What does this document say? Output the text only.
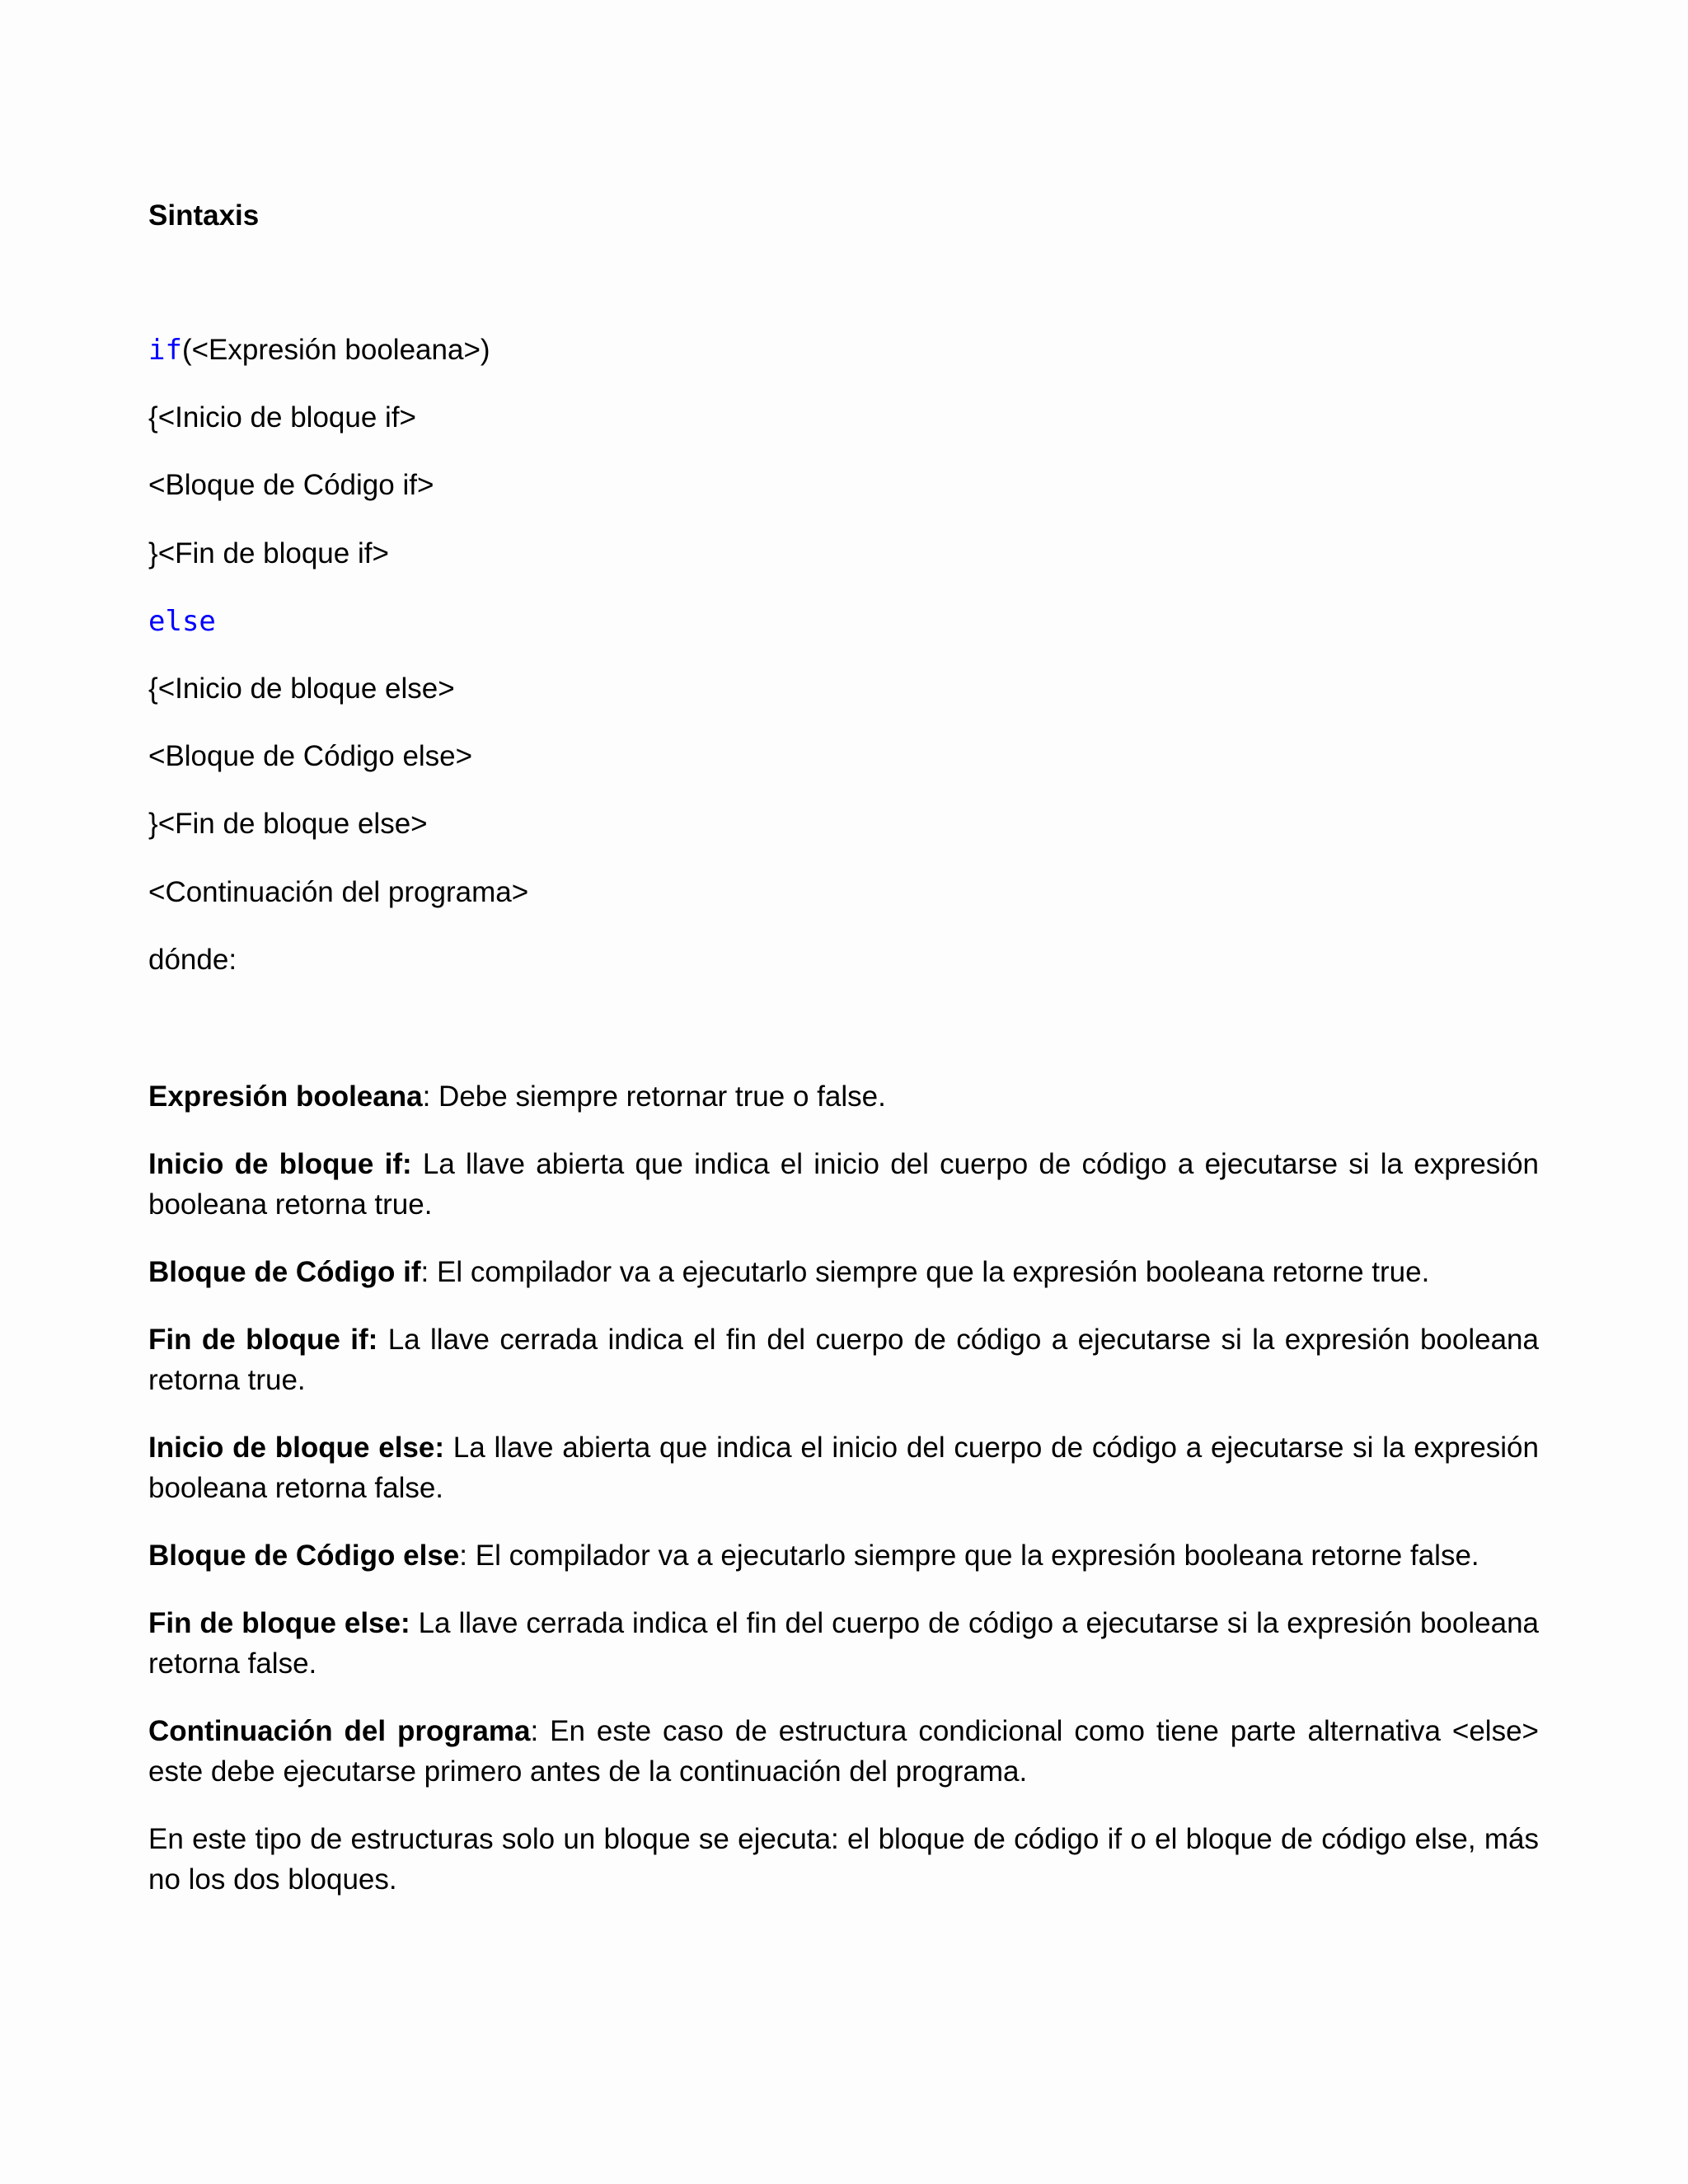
Sintaxis
if(<Expresión booleana>)
{<Inicio de bloque if>
<Bloque de Código if>
}<Fin de bloque if>
else
{<Inicio de bloque else>
<Bloque de Código else>
}<Fin de bloque else>
<Continuación del programa>
dónde:

Expresión booleana: Debe siempre retornar true o false.

Inicio de bloque if: La llave abierta que indica el inicio del cuerpo de código a ejecutarse si la expresión booleana retorna true.

Bloque de Código if: El compilador va a ejecutarlo siempre que la expresión booleana retorne true.

Fin de bloque if: La llave cerrada indica el fin del cuerpo de código a ejecutarse si la expresión booleana retorna true.

Inicio de bloque else: La llave abierta que indica el inicio del cuerpo de código a ejecutarse si la expresión booleana retorna false.

Bloque de Código else: El compilador va a ejecutarlo siempre que la expresión booleana retorne false.

Fin de bloque else: La llave cerrada indica el fin del cuerpo de código a ejecutarse si la expresión booleana retorna false.

Continuación del programa: En este caso de estructura condicional como tiene parte alternativa <else> este debe ejecutarse primero antes de la continuación del programa.

En este tipo de estructuras solo un bloque se ejecuta: el bloque de código if o el bloque de código else, más no los dos bloques.
